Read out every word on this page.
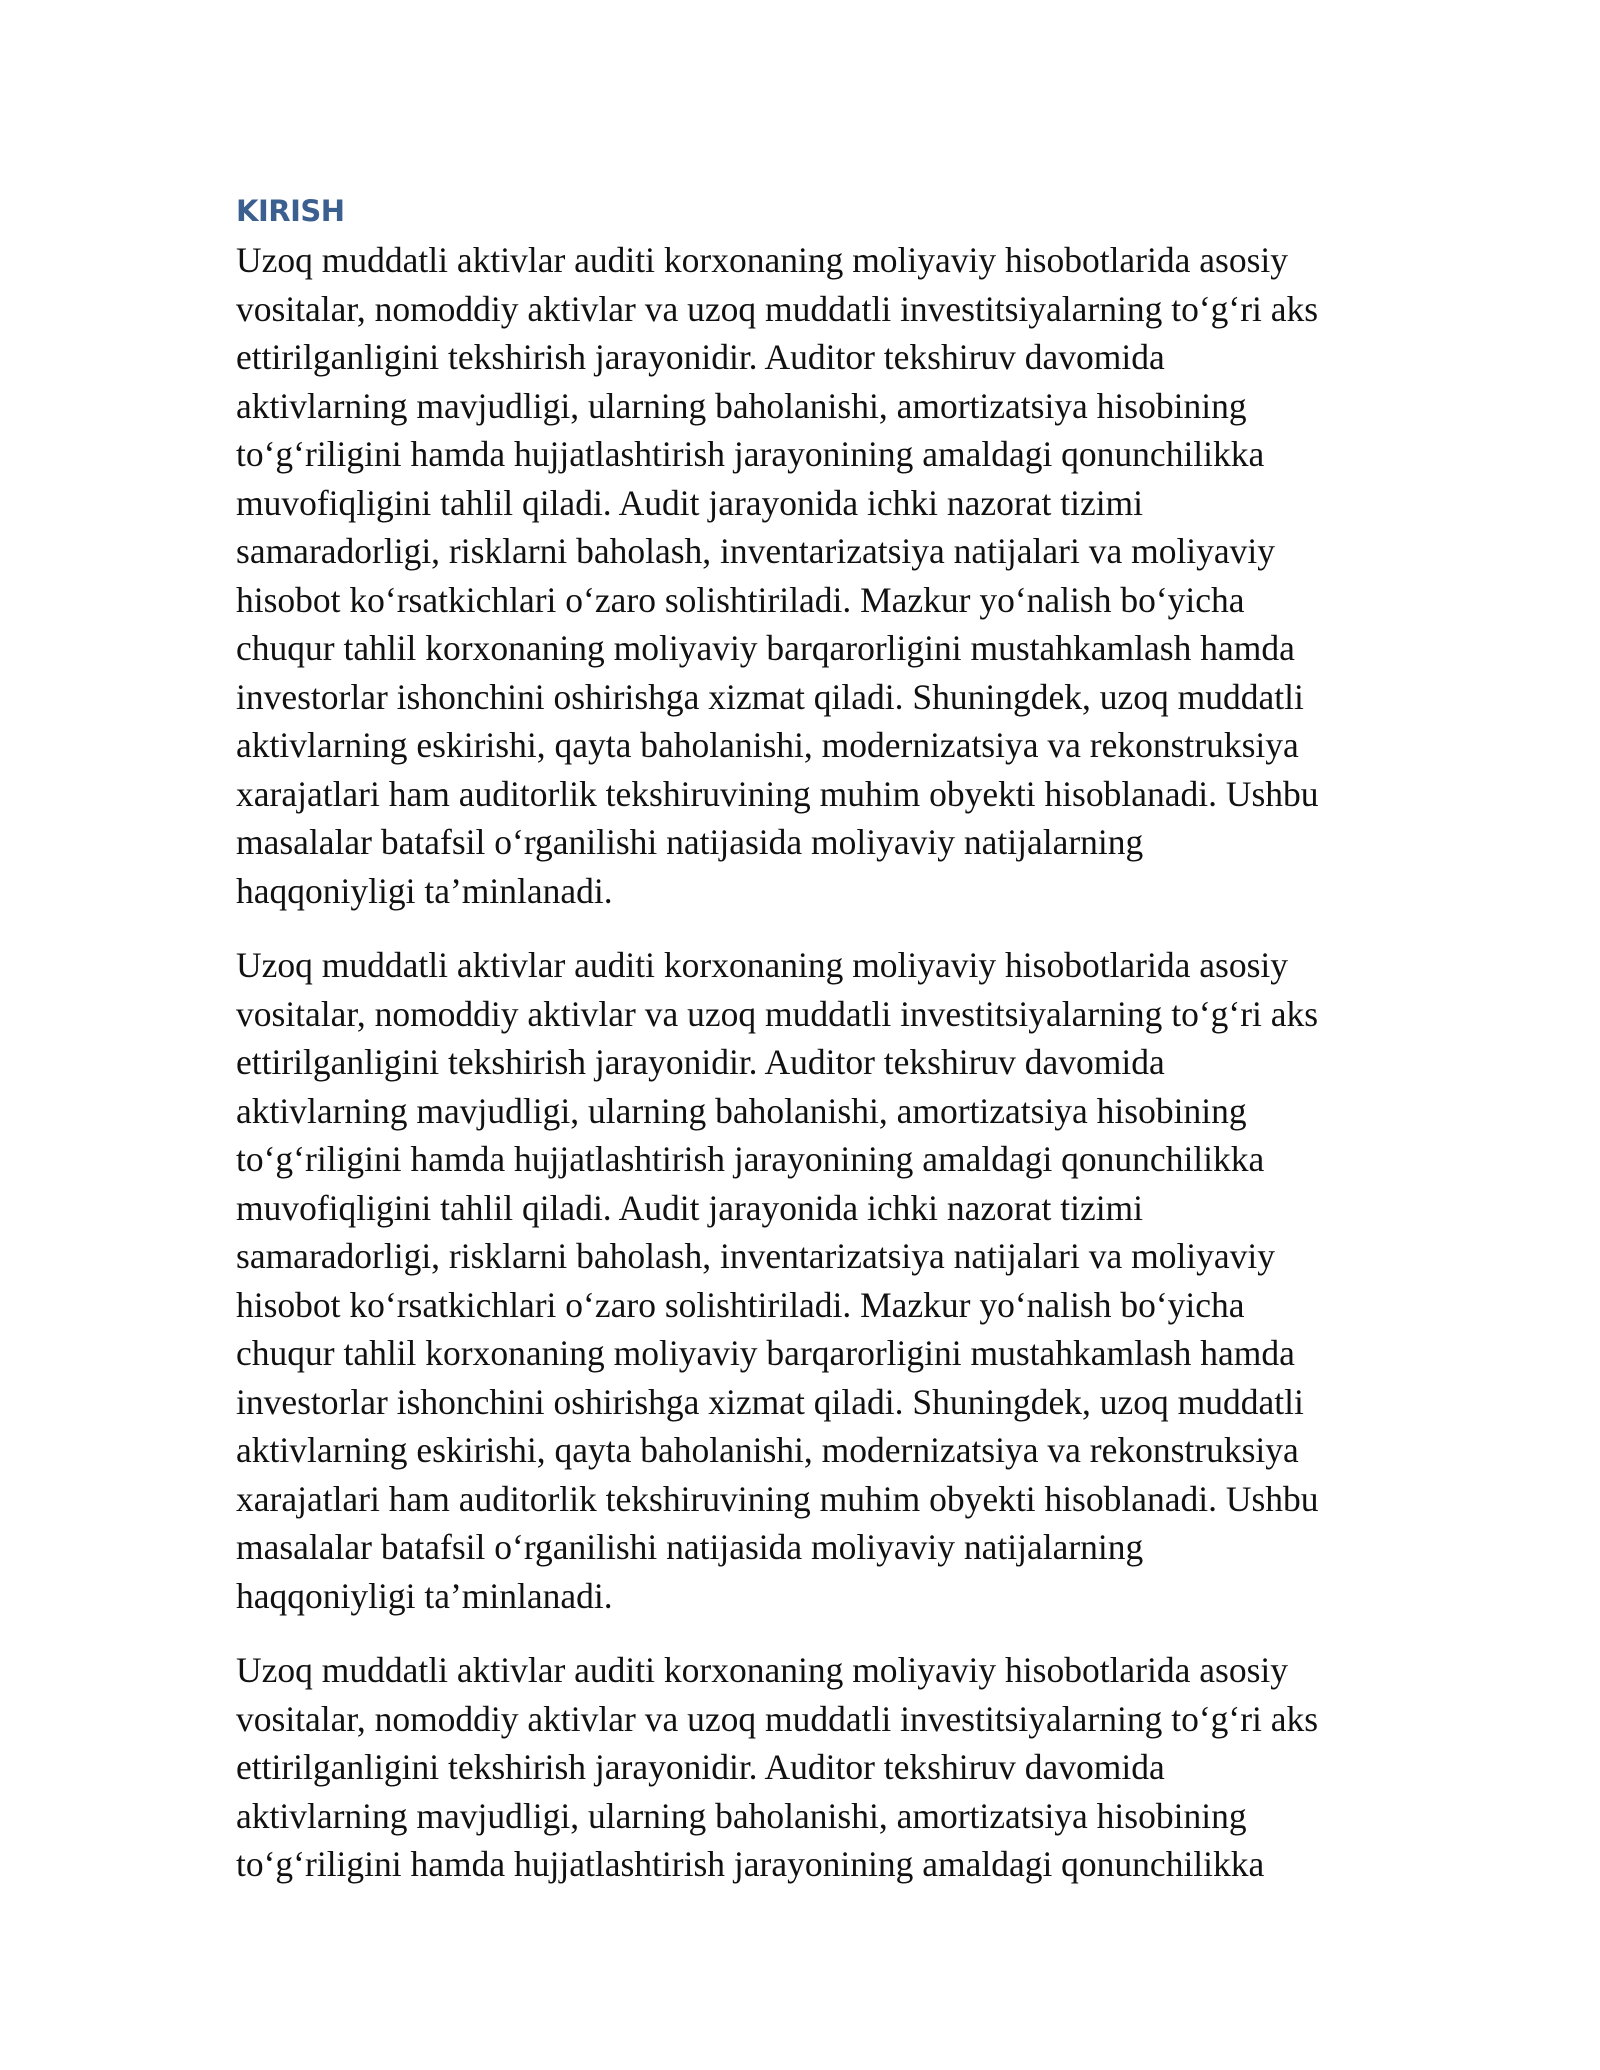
KIRISH

Uzoq muddatli aktivlar auditi korxonaning moliyaviy hisobotlarida asosiy
vositalar, nomoddiy aktivlar va uzoq muddatli investitsiyalarning to‘g‘ri aks
ettirilganligini tekshirish jarayonidir. Auditor tekshiruv davomida
aktivlarning mavjudligi, ularning baholanishi, amortizatsiya hisobining
to‘g‘riligini hamda hujjatlashtirish jarayonining amaldagi qonunchilikka
muvofiqligini tahlil qiladi. Audit jarayonida ichki nazorat tizimi
samaradorligi, risklarni baholash, inventarizatsiya natijalari va moliyaviy
hisobot ko‘rsatkichlari o‘zaro solishtiriladi. Mazkur yo‘nalish bo‘yicha
chuqur tahlil korxonaning moliyaviy barqarorligini mustahkamlash hamda
investorlar ishonchini oshirishga xizmat qiladi. Shuningdek, uzoq muddatli
aktivlarning eskirishi, qayta baholanishi, modernizatsiya va rekonstruksiya
xarajatlari ham auditorlik tekshiruvining muhim obyekti hisoblanadi. Ushbu
masalalar batafsil o‘rganilishi natijasida moliyaviy natijalarning
haqqoniyligi ta’minlanadi.

Uzoq muddatli aktivlar auditi korxonaning moliyaviy hisobotlarida asosiy
vositalar, nomoddiy aktivlar va uzoq muddatli investitsiyalarning to‘g‘ri aks
ettirilganligini tekshirish jarayonidir. Auditor tekshiruv davomida
aktivlarning mavjudligi, ularning baholanishi, amortizatsiya hisobining
to‘g‘riligini hamda hujjatlashtirish jarayonining amaldagi qonunchilikka
muvofiqligini tahlil qiladi. Audit jarayonida ichki nazorat tizimi
samaradorligi, risklarni baholash, inventarizatsiya natijalari va moliyaviy
hisobot ko‘rsatkichlari o‘zaro solishtiriladi. Mazkur yo‘nalish bo‘yicha
chuqur tahlil korxonaning moliyaviy barqarorligini mustahkamlash hamda
investorlar ishonchini oshirishga xizmat qiladi. Shuningdek, uzoq muddatli
aktivlarning eskirishi, qayta baholanishi, modernizatsiya va rekonstruksiya
xarajatlari ham auditorlik tekshiruvining muhim obyekti hisoblanadi. Ushbu
masalalar batafsil o‘rganilishi natijasida moliyaviy natijalarning
haqqoniyligi ta’minlanadi.

Uzoq muddatli aktivlar auditi korxonaning moliyaviy hisobotlarida asosiy
vositalar, nomoddiy aktivlar va uzoq muddatli investitsiyalarning to‘g‘ri aks
ettirilganligini tekshirish jarayonidir. Auditor tekshiruv davomida
aktivlarning mavjudligi, ularning baholanishi, amortizatsiya hisobining
to‘g‘riligini hamda hujjatlashtirish jarayonining amaldagi qonunchilikka
